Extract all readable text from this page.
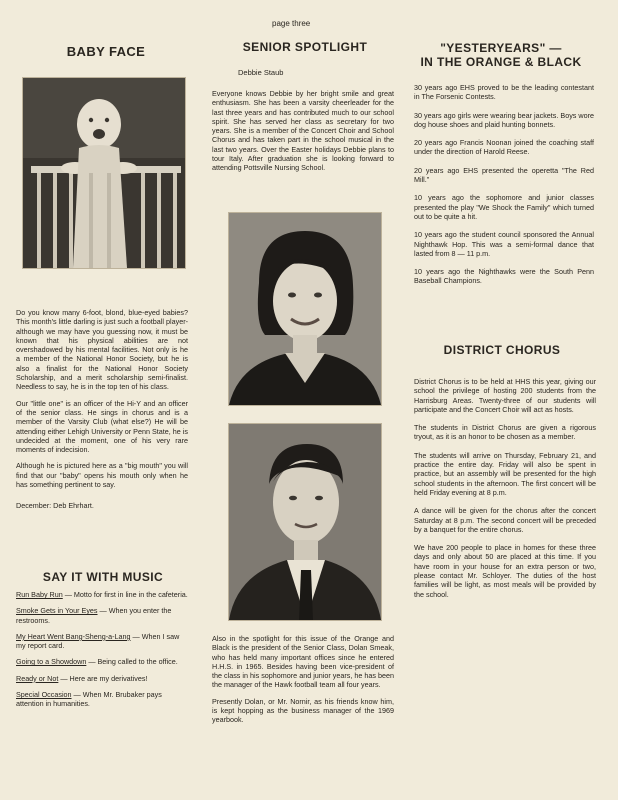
page three
BABY FACE

Do you know many 6-foot, blond, blue-eyed babies? This month's little darling is just such a football player-although we may have you guessing now, it must be known that his physical abilities are not overshadowed by his mental facilities. Not only is he a member of the National Honor Society, but he is also a finalist for the National Honor Society Scholarship, and a merit scholarship semi-finalist. Needless to say, he is in the top ten of his class.

Our "little one" is an officer of the Hi-Y and an officer of the senior class. He sings in chorus and is a member of the Varsity Club (what else?) He will be attending either Lehigh University or Penn State, he is undecided at the moment, one of his very rare moments of indecision.

Although he is pictured here as a "big mouth" you will find that our "baby" opens his mouth only when he has something pertinent to say.

December: Deb Ehrhart.

SAY IT WITH MUSIC
Run Baby Run — Motto for first in line in the cafeteria.
Smoke Gets in Your Eyes — When you enter the restrooms.
My Heart Went Bang-Sheng-a-Lang — When I saw my report card.
Going to a Showdown — Being called to the office.
Ready or Not — Here are my derivatives!
Special Occasion — When Mr. Brubaker pays attention in humanities.
SENIOR SPOTLIGHT
Debbie Staub

Everyone knows Debbie by her bright smile and great enthusiasm. She has been a varsity cheerleader for the last three years and has contributed much to our school spirit. She has served her class as secretary for two years. She is a member of the Concert Choir and School Chorus and has taken part in the school musical in the last two years. Over the Easter holidays Debbie plans to tour Italy. After graduation she is looking forward to attending Pottsville Nursing School.

Also in the spotlight for this issue of the Orange and Black is the president of the Senior Class, Dolan Smeak, who has held many important offices since he entered H.H.S. in 1965. Besides having been vice-president of the class in his sophomore and junior years, he has been the manager of the Hawk football team all four years.

Presently Dolan, or Mr. Nornir, as his friends know him, is kept hopping as the business manager of the 1969 yearbook.

"YESTERYEARS" —
IN THE ORANGE & BLACK

30 years ago EHS proved to be the leading contestant in The Forsenic Contests.

30 years ago girls were wearing bear jackets. Boys wore dog house shoes and plaid hunting bonnets.

20 years ago Francis Noonan joined the coaching staff under the direction of Harold Reese.

20 years ago EHS presented the operetta "The Red Mill."

10 years ago the sophomore and junior classes presented the play "We Shock the Family" which turned out to be quite a hit.

10 years ago the student council sponsored the Annual Nighthawk Hop. This was a semi-formal dance that lasted from 8 — 11 p.m.

10 years ago the Nighthawks were the South Penn Baseball Champions.

DISTRICT CHORUS

District Chorus is to be held at HHS this year, giving our school the privilege of hosting 200 students from the Harrisburg Areas. Twenty-three of our students will participate and the Concert Choir will act as hosts.

The students in District Chorus are given a rigorous tryout, as it is an honor to be chosen as a member.

The students will arrive on Thursday, February 21, and practice the entire day. Friday will also be spent in practice, but an assembly will be presented for the high school students in the afternoon. The first concert will be held Friday evening at 8 p.m.

A dance will be given for the chorus after the concert Saturday at 8 p.m. The second concert will be preceded by a banquet for the entire chorus.

We have 200 people to place in homes for these three days and only about 50 are placed at this time. If you have room in your house for an extra person or two, please contact Mr. Schloyer. The duties of the host families will be light, as most meals will be provided by the school.
